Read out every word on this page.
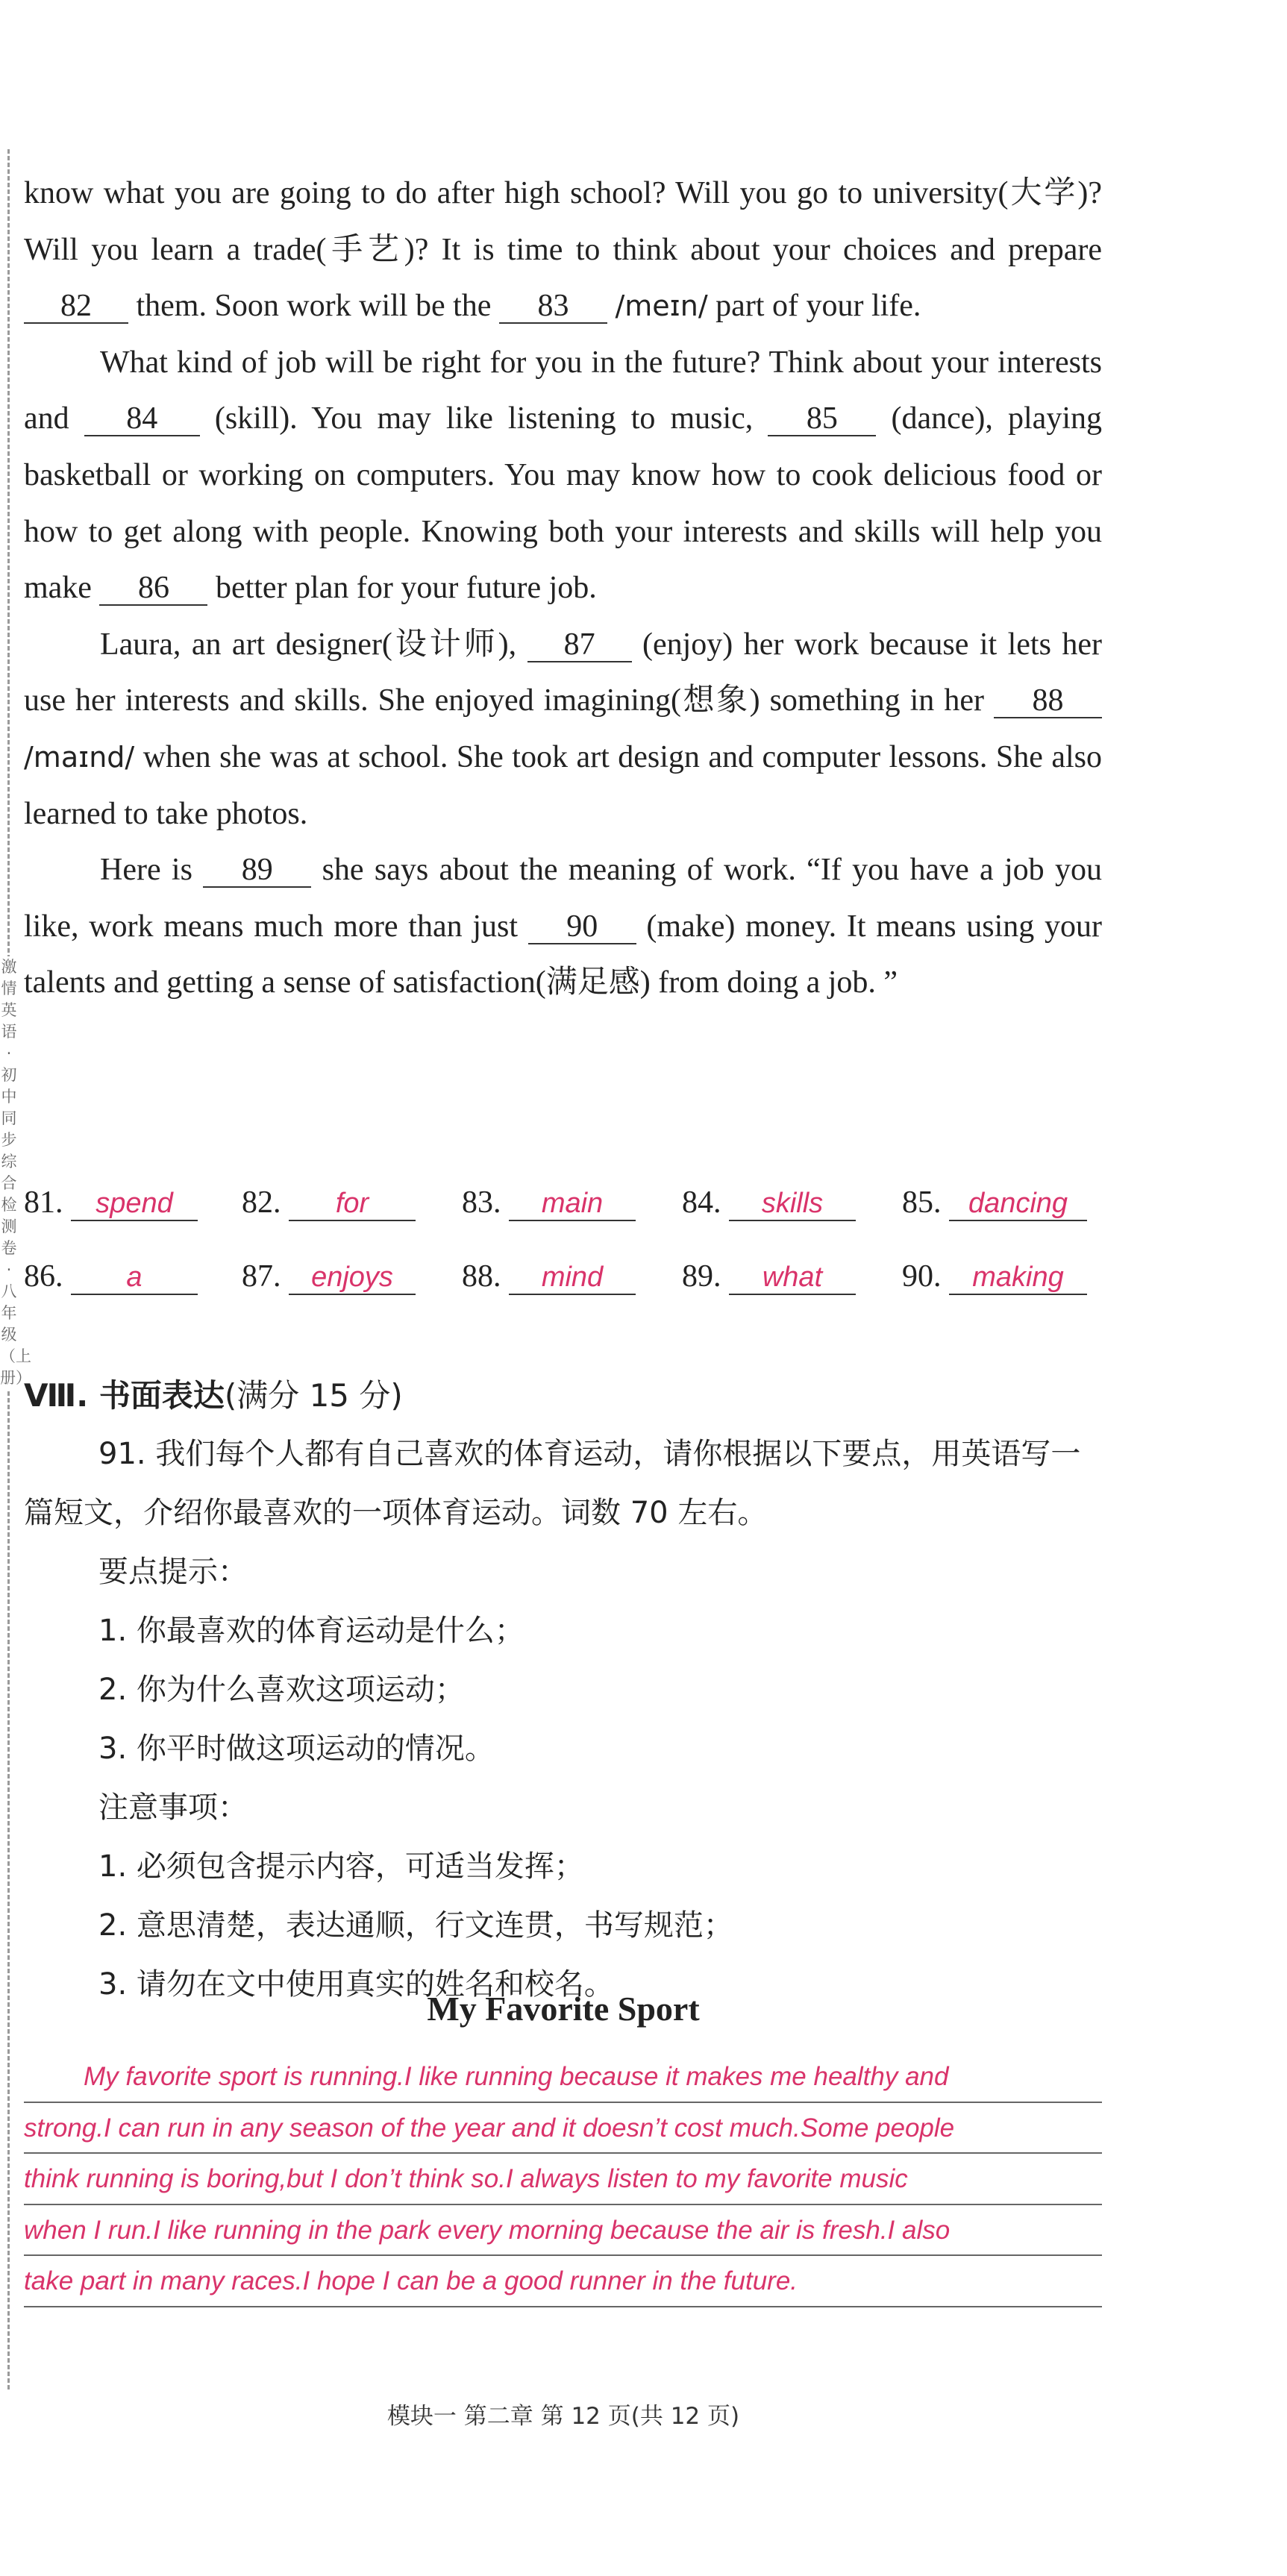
激情英语·初中同步综合检测卷·八年级（上册）

know what you are going to do after high school? Will you go to university(大学)? Will you learn a trade(手艺)? It is time to think about your choices and prepare 82 them. Soon work will be the 83 /meɪn/ part of your life.

What kind of job will be right for you in the future? Think about your interests and 84 (skill). You may like listening to music, 85 (dance), playing basketball or working on computers. You may know how to cook delicious food or how to get along with people. Knowing both your interests and skills will help you make 86 better plan for your future job.

Laura, an art designer(设计师), 87 (enjoy) her work because it lets her use her interests and skills. She enjoyed imagining(想象) something in her 88 /maɪnd/ when she was at school. She took art design and computer lessons. She also learned to take photos.

Here is 89 she says about the meaning of work. “If you have a job you like, work means much more than just 90 (make) money. It means using your talents and getting a sense of satisfaction(满足感) from doing a job. ”

81. spend	82. for	83. main	84. skills	85. dancing
86. a	87. enjoys	88. mind	89. what	90. making
Ⅷ. 书面表达(满分 15 分)

91. 我们每个人都有自己喜欢的体育运动，请你根据以下要点，用英语写一篇短文，介绍你最喜欢的一项体育运动。词数 70 左右。

要点提示：

1. 你最喜欢的体育运动是什么；

2. 你为什么喜欢这项运动；

3. 你平时做这项运动的情况。

注意事项：

1. 必须包含提示内容，可适当发挥；

2. 意思清楚，表达通顺，行文连贯，书写规范；

3. 请勿在文中使用真实的姓名和校名。

My Favorite Sport
My favorite sport is running.I like running because it makes me healthy and
strong.I can run in any season of the year and it doesn’t cost much.Some people
think running is boring,but I don’t think so.I always listen to my favorite music
when I run.I like running in the park every morning because the air is fresh.I also
take part in many races.I hope I can be a good runner in the future.
模块一 第二章 第 12 页(共 12 页)
